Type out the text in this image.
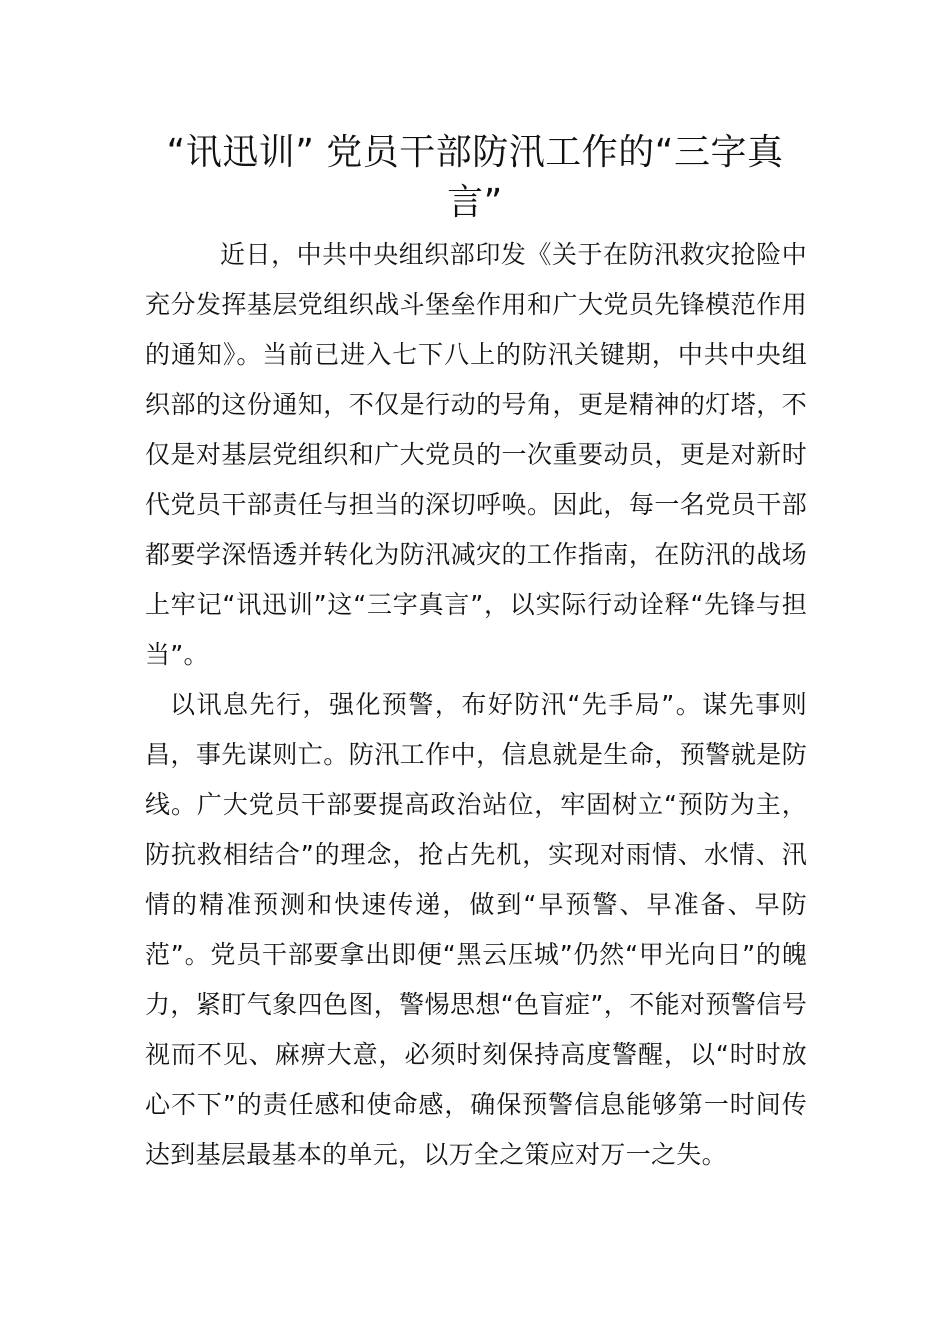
“讯迅训” 党员干部防汛工作的“三字真言”

近日，中共中央组织部印发《关于在防汛救灾抢险中充分发挥基层党组织战斗堡垒作用和广大党员先锋模范作用的通知》。当前已进入七下八上的防汛关键期，中共中央组织部的这份通知，不仅是行动的号角，更是精神的灯塔，不仅是对基层党组织和广大党员的一次重要动员，更是对新时代党员干部责任与担当的深切呼唤。因此，每一名党员干部都要学深悟透并转化为防汛减灾的工作指南，在防汛的战场上牢记“讯迅训”这“三字真言”，以实际行动诠释“先锋与担当”。

以讯息先行，强化预警，布好防汛“先手局”。谋先事则昌，事先谋则亡。防汛工作中，信息就是生命，预警就是防线。广大党员干部要提高政治站位，牢固树立“预防为主，防抗救相结合”的理念，抢占先机，实现对雨情、水情、汛情的精准预测和快速传递，做到“早预警、早准备、早防范”。党员干部要拿出即便“黑云压城”仍然“甲光向日”的魄力，紧盯气象四色图，警惕思想“色盲症”，不能对预警信号视而不见、麻痹大意，必须时刻保持高度警醒，以“时时放心不下”的责任感和使命感，确保预警信息能够第一时间传达到基层最基本的单元，以万全之策应对万一之失。
